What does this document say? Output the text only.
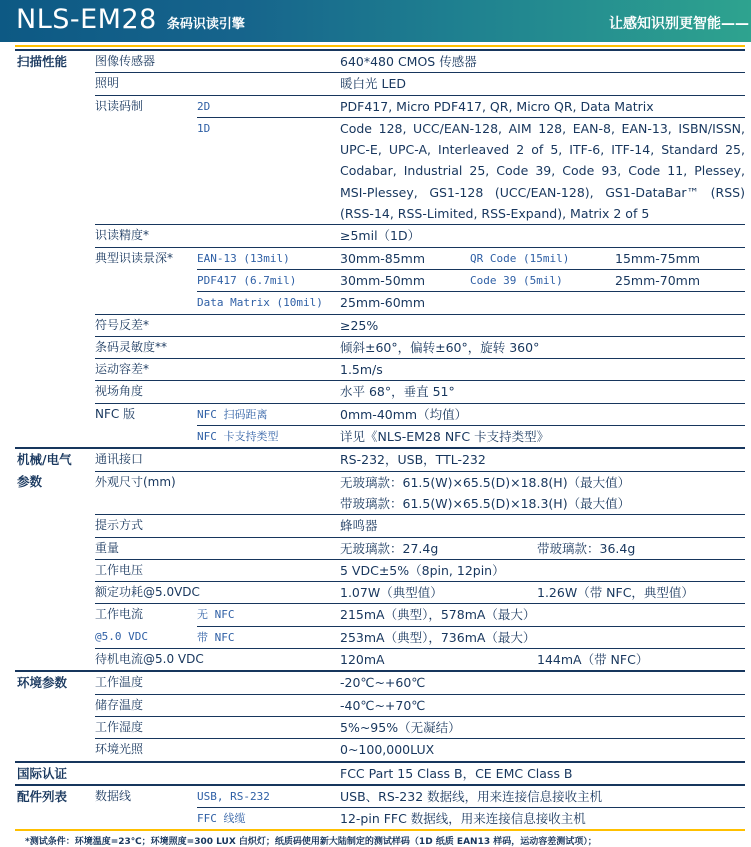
NLS-EM28 条码识读引擎	让感知识别更智能——
扫描性能	图像传感器	640*480 CMOS 传感器
照明	暖白光 LED
识读码制	2D	PDF417, Micro PDF417, QR, Micro QR, Data Matrix
1D	Code 128, UCC/EAN-128, AIM 128, EAN-8, EAN-13, ISBN/ISSN, UPC-E, UPC-A, Interleaved 2 of 5, ITF-6, ITF-14, Standard 25, Codabar, Industrial 25, Code 39, Code 93, Code 11, Plessey, MSI-Plessey, GS1-128 (UCC/EAN-128), GS1-DataBar™ (RSS) (RSS-14, RSS-Limited, RSS-Expand), Matrix 2 of 5
识读精度*	≥5mil（1D）
典型识读景深*	EAN-13 (13mil)	30mm-85mm	QR Code (15mil)	15mm-75mm
PDF417 (6.7mil)	30mm-50mm	Code 39 (5mil)	25mm-70mm
Data Matrix (10mil)	25mm-60mm
符号反差*	≥25%
条码灵敏度**	倾斜±60°，偏转±60°，旋转 360°
运动容差*	1.5m/s
视场角度	水平 68°，垂直 51°
NFC 版	NFC 扫码距离	0mm-40mm（均值）
NFC 卡支持类型	详见《NLS-EM28 NFC 卡支持类型》
机械/电气
参数
通讯接口	RS-232，USB，TTL-232
外观尺寸(mm)	无玻璃款：61.5(W)×65.5(D)×18.8(H)（最大值）
带玻璃款：61.5(W)×65.5(D)×18.3(H)（最大值）
提示方式	蜂鸣器
重量	无玻璃款：27.4g	带玻璃款：36.4g
工作电压	5 VDC±5%（8pin, 12pin）
额定功耗@5.0VDC	1.07W（典型值）	1.26W（带 NFC，典型值）
工作电流
@5.0 VDC
无 NFC	215mA（典型），578mA（最大）
带 NFC	253mA（典型），736mA（最大）
待机电流@5.0 VDC	120mA	144mA（带 NFC）
环境参数	工作温度	-20℃~+60℃
储存温度	-40℃~+70℃
工作湿度	5%~95%（无凝结）
环境光照	0~100,000LUX
国际认证	FCC Part 15 Class B，CE EMC Class B
配件列表	数据线	USB, RS-232	USB、RS-232 数据线，用来连接信息接收主机
FFC 线缆	12-pin FFC 数据线，用来连接信息接收主机
*测试条件：环境温度=23℃；环境照度=300 LUX 白炽灯；纸质码使用新大陆制定的测试样码（1D 纸质 EAN13 样码，运动容差测试项）；
